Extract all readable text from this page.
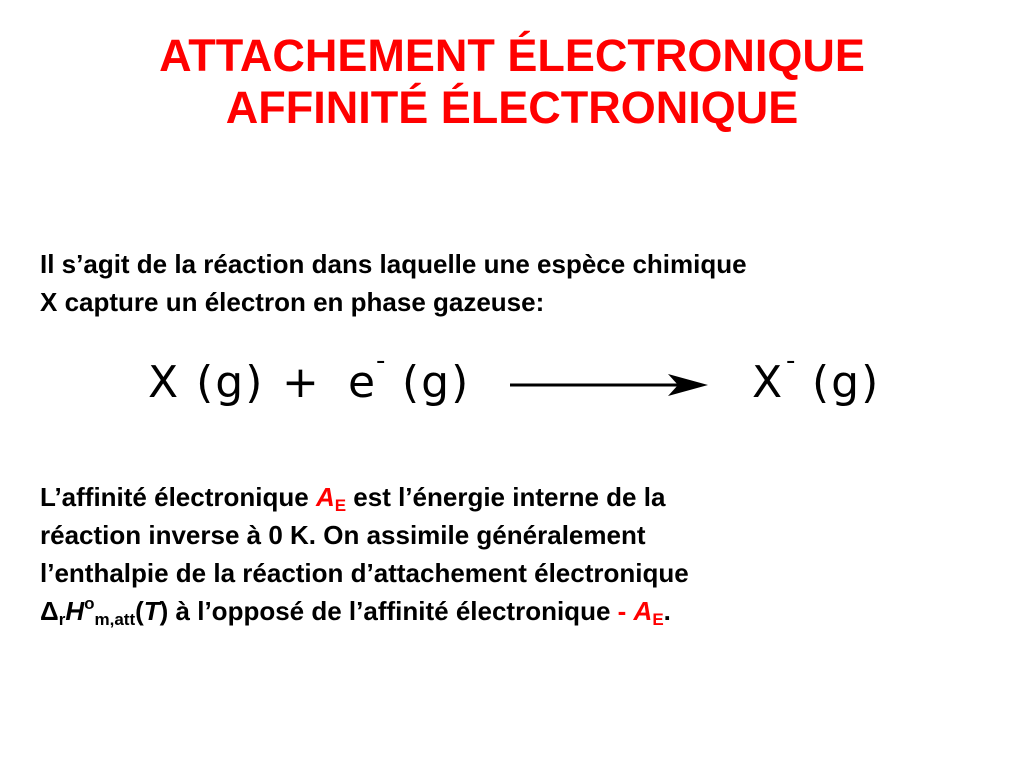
ATTACHEMENT ÉLECTRONIQUE
AFFINITÉ ÉLECTRONIQUE
Il s’agit de la réaction dans laquelle une espèce chimique
X capture un électron en phase gazeuse:
X (g) + e
- (g)	X - (g)
L’affinité électronique $A_E$ est l’énergie interne de la
réaction inverse à 0 K. On assimile généralement
l’enthalpie de la réaction d’attachement électronique
$\Delta_rH^o_{m,att}(T)$ à l’opposé de l’affinité électronique - $A_E$.
